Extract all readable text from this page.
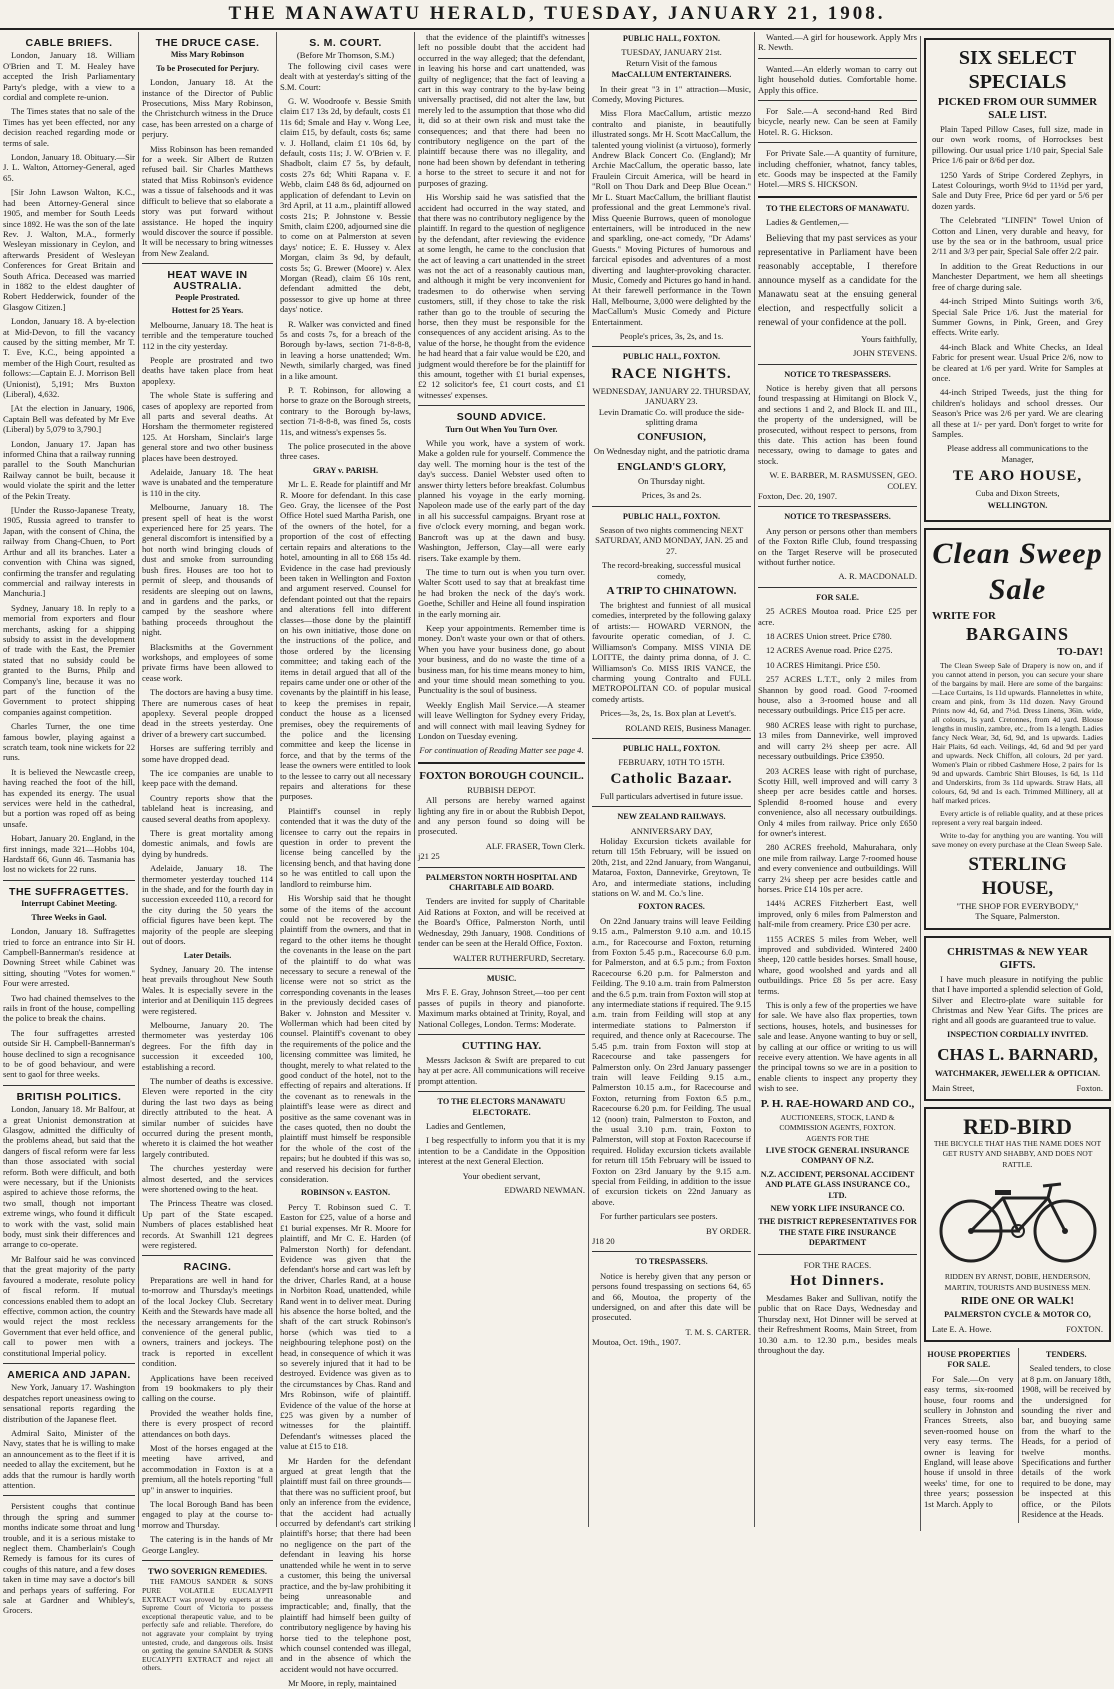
THE MANAWATU HERALD, TUESDAY, JANUARY 21, 1908.
CABLE BRIEFS.

London, January 18. William O'Brien and T. M. Healey have accepted the Irish Parliamentary Party's pledge, with a view to a cordial and complete re-union.

The Times states that no sale of the Times has yet been effected, nor any decision reached regarding mode or terms of sale.

London, January 18. Obituary.—Sir J. L. Walton, Attorney-General, aged 65.

[Sir John Lawson Walton, K.C., had been Attorney-General since 1905, and member for South Leeds since 1892. He was the son of the late Rev. J. Walton, M.A., formerly Wesleyan missionary in Ceylon, and afterwards President of Wesleyan Conferences for Great Britain and South Africa. Deceased was married in 1882 to the eldest daughter of Robert Hedderwick, founder of the Glasgow Citizen.]

London, January 18. A by-election at Mid-Devon, to fill the vacancy caused by the sitting member, Mr T. T. Eve, K.C., being appointed a member of the High Court, resulted as follows:—Captain E. J. Morrison Bell (Unionist), 5,191; Mrs Buxton (Liberal), 4,632.

[At the election in January, 1906, Captain Bell was defeated by Mr Eve (Liberal) by 5,079 to 3,790.]

London, January 17. Japan has informed China that a railway running parallel to the South Manchurian Railway cannot be built, because it would violate the spirit and the letter of the Pekin Treaty.

[Under the Russo-Japanese Treaty, 1905, Russia agreed to transfer to Japan, with the consent of China, the railway from Chang-Chuen, to Port Arthur and all its branches. Later a convention with China was signed, confirming the transfer and regulating commercial and railway interests in Manchuria.]

Sydney, January 18. In reply to a memorial from exporters and flour merchants, asking for a shipping subsidy to assist in the development of trade with the East, the Premier stated that no subsidy could be granted to the Burns, Philp and Company's line, because it was no part of the function of the Government to protect shipping companies against competition.

Charles Turner, the one time famous bowler, playing against a scratch team, took nine wickets for 22 runs.

It is believed the Newcastle creep, having reached the foot of the hill, has expended its energy. The usual services were held in the cathedral, but a portion was roped off as being unsafe.

Hobart, January 20. England, in the first innings, made 321—Hobbs 104, Hardstaff 66, Gunn 46. Tasmania has lost no wickets for 22 runs.

THE SUFFRAGETTES.
Interrupt Cabinet Meeting.
Three Weeks in Gaol.

London, January 18. Suffragettes tried to force an entrance into Sir H. Campbell-Bannerman's residence at Downing Street while Cabinet was sitting, shouting "Votes for women." Four were arrested.

Two had chained themselves to the rails in front of the house, compelling the police to break the chains.

The four suffragettes arrested outside Sir H. Campbell-Bannerman's house declined to sign a recognisance to be of good behaviour, and were sent to gaol for three weeks.

BRITISH POLITICS.

London, January 18. Mr Balfour, at a great Unionist demonstration at Glasgow, admitted the difficulty of the problems ahead, but said that the dangers of fiscal reform were far less than those associated with social reform. Both were difficult, and both were necessary, but if the Unionists aspired to achieve those reforms, the two small, though not important extreme wings, who found it difficult to work with the vast, solid main body, must sink their differences and arrange to co-operate.

Mr Balfour said he was convinced that the great majority of the party favoured a moderate, resolute policy of fiscal reform. If mutual concessions enabled them to adopt an effective, common action, the country would reject the most reckless Government that ever held office, and call to power men with a constitutional Imperial policy.

AMERICA AND JAPAN.

New York, January 17. Washington despatches report uneasiness owing to sensational reports regarding the distribution of the Japanese fleet.

Admiral Saito, Minister of the Navy, states that he is willing to make an announcement as to the fleet if it is needed to allay the excitement, but he adds that the rumour is hardly worth attention.

Persistent coughs that continue through the spring and summer months indicate some throat and lung trouble, and it is a serious mistake to neglect them. Chamberlain's Cough Remedy is famous for its cures of coughs of this nature, and a few doses taken in time may save a doctor's bill and perhaps years of suffering. For sale at Gardner and Whibley's, Grocers.

THE DRUCE CASE.
Miss Mary Robinson
To be Prosecuted for Perjury.

London, January 18. At the instance of the Director of Public Prosecutions, Miss Mary Robinson, the Christchurch witness in the Druce case, has been arrested on a charge of perjury.

Miss Robinson has been remanded for a week. Sir Albert de Rutzen refused bail. Sir Charles Matthews stated that Miss Robinson's evidence was a tissue of falsehoods and it was difficult to believe that so elaborate a story was put forward without assistance. He hoped the inquiry would discover the source if possible. It will be necessary to bring witnesses from New Zealand.

HEAT WAVE IN AUSTRALIA.
People Prostrated.
Hottest for 25 Years.

Melbourne, January 18. The heat is terrible and the temperature touched 112 in the city yesterday.

People are prostrated and two deaths have taken place from heat apoplexy.

The whole State is suffering and cases of apoplexy are reported from all parts and several deaths. At Horsham the thermometer registered 125. At Horsham, Sinclair's large general store and two other business places have been destroyed.

Adelaide, January 18. The heat wave is unabated and the temperature is 110 in the city.

Melbourne, January 18. The present spell of heat is the worst experienced here for 25 years. The general discomfort is intensified by a hot north wind bringing clouds of dust and smoke from surrounding bush fires. Houses are too hot to permit of sleep, and thousands of residents are sleeping out on lawns, and in gardens and the parks, or camped by the seashore where bathing proceeds throughout the night.

Blacksmiths at the Government workshops, and employees of some private firms have been allowed to cease work.

The doctors are having a busy time. There are numerous cases of heat apoplexy. Several people dropped dead in the streets yesterday. One driver of a brewery cart succumbed.

Horses are suffering terribly and some have dropped dead.

The ice companies are unable to keep pace with the demand.

Country reports show that the tableland heat is increasing, and caused several deaths from apoplexy.

There is great mortality among domestic animals, and fowls are dying by hundreds.

Adelaide, January 18. The thermometer yesterday touched 114 in the shade, and for the fourth day in succession exceeded 110, a record for the city during the 50 years the official figures have been kept. The majority of the people are sleeping out of doors.

Later Details.

Sydney, January 20. The intense heat prevails throughout New South Wales. It is especially severe in the interior and at Deniliquin 115 degrees were registered.

Melbourne, January 20. The thermometer was yesterday 106 degrees. For the fifth day in succession it exceeded 100, establishing a record.

The number of deaths is excessive. Eleven were reported in the city during the last two days as being directly attributed to the heat. A similar number of suicides have occurred during the present month, whereto it is claimed the hot weather largely contributed.

The churches yesterday were almost deserted, and the services were shortened owing to the heat.

The Princess Theatre was closed. Up part of the State escaped. Numbers of places established heat records. At Swanhill 121 degrees were registered.

RACING.

Preparations are well in hand for to-morrow and Thursday's meetings of the local Jockey Club. Secretary Keith and the Stewards have made all the necessary arrangements for the convenience of the general public, owners, trainers and jockeys. The track is reported in excellent condition.

Applications have been received from 19 bookmakers to ply their calling on the course.

Provided the weather holds fine, there is every prospect of record attendances on both days.

Most of the horses engaged at the meeting have arrived, and accommodation in Foxton is at a premium, all the hotels reporting "full up" in answer to inquiries.

The local Borough Band has been engaged to play at the course to-morrow and Thursday.

The catering is in the hands of Mr George Langley.

TWO SOVERIGN REMEDIES.

THE FAMOUS SANDER & SONS PURE VOLATILE EUCALYPTI EXTRACT was proved by experts at the Supreme Court of Victoria to possess exceptional therapeutic value, and to be perfectly safe and reliable. Therefore, do not aggravate your complaint by trying untested, crude, and dangerous oils. Insist on getting the genuine SANDER & SONS EUCALYPTI EXTRACT and reject all others.

S. M. COURT.
(Before Mr Thomson, S.M.)

The following civil cases were dealt with at yesterday's sitting of the S.M. Court:

G. W. Woodroofe v. Bessie Smith claim £17 13s 2d, by default, costs £1 11s 6d; Smale and Hay v. Wong Lee, claim £15, by default, costs 6s; same v. J. Holland, claim £1 10s 6d, by default, costs 11s; J. W. O'Brien v. F. Shadbolt, claim £7 5s, by default, costs 27s 6d; Whiti Rapana v. F. Webb, claim £48 8s 6d, adjourned on application of defendant to Levin on 3rd April, at 11 a.m., plaintiff allowed costs 21s; P. Johnstone v. Bessie Smith, claim £200, adjourned sine die to come on at Palmerston at seven days' notice; E. E. Hussey v. Alex Morgan, claim 3s 9d, by default, costs 5s; G. Brewer (Moore) v. Alex Morgan (Read), claim £6 10s rent, defendant admitted the debt, possessor to give up home at three days' notice.

R. Walker was convicted and fined 5s and costs 7s, for a breach of the Borough by-laws, section 71-8-8-8, in leaving a horse unattended; Wm. Newth, similarly charged, was fined in a like amount.

P. T. Robinson, for allowing a horse to graze on the Borough streets, contrary to the Borough by-laws, section 71-8-8-8, was fined 5s, costs 11s, and witness's expenses 5s.

The police prosecuted in the above three cases.

GRAY v. PARISH.

Mr L. E. Reade for plaintiff and Mr R. Moore for defendant. In this case Geo. Gray, the licensee of the Post Office Hotel sued Martha Parish, one of the owners of the hotel, for a proportion of the cost of effecting certain repairs and alterations to the hotel, amounting in all to £68 15s 4d. Evidence in the case had previously been taken in Wellington and Foxton and argument reserved. Counsel for defendant pointed out that the repairs and alterations fell into different classes—those done by the plaintiff on his own initiative, those done on the instructions of the police, and those ordered by the licensing committee; and taking each of the items in detail argued that all of the repairs came under one or other of the covenants by the plaintiff in his lease, to keep the premises in repair, conduct the house as a licensed premises, obey the requirements of the police and the licensing committee and keep the license in force, and that by the terms of the lease the owners were entitled to look to the lessee to carry out all necessary repairs and alterations for these purposes.

Plaintiff's counsel in reply contended that it was the duty of the licensee to carry out the repairs in question in order to prevent the license being cancelled by the licensing bench, and that having done so he was entitled to call upon the landlord to reimburse him.

His Worship said that he thought some of the items of the account could not be recovered by the plaintiff from the owners, and that in regard to the other items he thought the covenants in the lease on the part of the plaintiff to do what was necessary to secure a renewal of the license were not so strict as the corresponding covenants in the leases in the previously decided cases of Baker v. Johnston and Messiter v. Wollerman which had been cited by counsel. Plaintiff's covenant to obey the requirements of the police and the licensing committee was limited, he thought, merely to what related to the good conduct of the hotel, not to the effecting of repairs and alterations. If the covenant as to renewals in the plaintiff's lease were as direct and positive as the same covenant was in the cases quoted, then no doubt the plaintiff must himself be responsible for the whole of the cost of the repairs; but he doubted if this was so, and reserved his decision for further consideration.

ROBINSON v. EASTON.

Percy T. Robinson sued C. T. Easton for £25, value of a horse and £1 burial expenses. Mr R. Moore for plaintiff, and Mr C. E. Harden (of Palmerston North) for defendant. Evidence was given that the defendant's horse and cart was left by the driver, Charles Rand, at a house in Norbiton Road, unattended, while Rand went in to deliver meat. During his absence the horse bolted, and the shaft of the cart struck Robinson's horse (which was tied to a neighbouring telephone post) on the head, in consequence of which it was so severely injured that it had to be destroyed. Evidence was given as to the circumstances by Chas. Rand and Mrs Robinson, wife of plaintiff. Evidence of the value of the horse at £25 was given by a number of witnesses for the plaintiff. Defendant's witnesses placed the value at £15 to £18.

Mr Harden for the defendant argued at great length that the plaintiff must fail on three grounds—that there was no sufficient proof, but only an inference from the evidence, that the accident had actually occurred by defendant's cart striking plaintiff's horse; that there had been no negligence on the part of the defendant in leaving his horse unattended while he went in to serve a customer, this being the universal practice, and the by-law prohibiting it being unreasonable and impracticable; and, finally, that the plaintiff had himself been guilty of contributory negligence by having his horse tied to the telephone post, which counsel contended was illegal, and in the absence of which the accident would not have occurred.

Mr Moore, in reply, maintained

that the evidence of the plaintiff's witnesses left no possible doubt that the accident had occurred in the way alleged; that the defendant, in leaving his horse and cart unattended, was guilty of negligence; that the fact of leaving a cart in this way contrary to the by-law being universally practised, did not alter the law, but merely led to the assumption that those who did it, did so at their own risk and must take the consequences; and that there had been no contributory negligence on the part of the plaintiff because there was no illegality, and none had been shown by defendant in tethering a horse to the street to secure it and not for purposes of grazing.

His Worship said he was satisfied that the accident had occurred in the way stated, and that there was no contributory negligence by the plaintiff. In regard to the question of negligence by the defendant, after reviewing the evidence at some length, he came to the conclusion that the act of leaving a cart unattended in the street was not the act of a reasonably cautious man, and although it might be very inconvenient for tradesmen to do otherwise when serving customers, still, if they chose to take the risk rather than go to the trouble of securing the horse, then they must be responsible for the consequences of any accident arising. As to the value of the horse, he thought from the evidence he had heard that a fair value would be £20, and judgment would therefore be for the plaintiff for this amount, together with £1 burial expenses, £2 12 solicitor's fee, £1 court costs, and £1 witnesses' expenses.

SOUND ADVICE.
Turn Out When You Turn Over.

While you work, have a system of work. Make a golden rule for yourself. Commence the day well. The morning hour is the test of the day's success. Daniel Webster used often to answer thirty letters before breakfast. Columbus planned his voyage in the early morning. Napoleon made use of the early part of the day in all his successful campaigns. Bryant rose at five o'clock every morning, and began work. Bancroft was up at the dawn and busy. Washington, Jefferson, Clay—all were early risers. Take example by them.

The time to turn out is when you turn over. Walter Scott used to say that at breakfast time he had broken the neck of the day's work. Goethe, Schiller and Heine all found inspiration in the early morning air.

Keep your appointments. Remember time is money. Don't waste your own or that of others. When you have your business done, go about your business, and do no waste the time of a business man, for his time means money to him, and your time should mean something to you. Punctuality is the soul of business.

Weekly English Mail Service.—A steamer will leave Wellington for Sydney every Friday, and will connect with mail leaving Sydney for London on Tuesday evening.

For continuation of Reading Matter see page 4.
FOXTON BOROUGH COUNCIL.
RUBBISH DEPOT.

All persons are hereby warned against lighting any fire in or about the Rubbish Depot, and any person found so doing will be prosecuted.

ALF. FRASER, Town Clerk.
j21 25
PALMERSTON NORTH HOSPITAL AND CHARITABLE AID BOARD.

Tenders are invited for supply of Charitable Aid Rations at Foxton, and will be received at the Board's Office, Palmerston North, until Wednesday, 29th January, 1908. Conditions of tender can be seen at the Herald Office, Foxton.

WALTER RUTHERFURD, Secretary.
MUSIC.

Mrs F. E. Gray, Johnson Street,—too per cent passes of pupils in theory and pianoforte. Maximum marks obtained at Trinity, Royal, and National Colleges, London. Terms: Moderate.

CUTTING HAY.

Messrs Jackson & Swift are prepared to cut hay at per acre. All communications will receive prompt attention.

TO THE ELECTORS MANAWATU ELECTORATE.

Ladies and Gentlemen,

I beg respectfully to inform you that it is my intention to be a Candidate in the Opposition interest at the next General Election.

Your obedient servant,

EDWARD NEWMAN.
PUBLIC HALL, FOXTON.
TUESDAY, JANUARY 21st.
Return Visit of the famous
MacCALLUM ENTERTAINERS.

In their great "3 in 1" attraction—Music, Comedy, Moving Pictures.

Miss Flora MacCallum, artistic mezzo contralto and pianiste, in beautifully illustrated songs. Mr H. Scott MacCallum, the talented young violinist (a virtuoso), formerly Andrew Black Concert Co. (England); Mr Archie MacCallum, the operatic basso, late Fraulein Circuit America, will be heard in "Roll on Thou Dark and Deep Blue Ocean." Mr L. Stuart MacCallum, the brilliant flautist professional and the great Lemmone's rival. Miss Queenie Burrows, queen of monologue entertainers, will be introduced in the new and sparkling, one-act comedy, "Dr Adams' Guests." Moving Pictures of humorous and farcical episodes and adventures of a most diverting and laughter-provoking character. Music, Comedy and Pictures go hand in hand. At their farewell performance in the Town Hall, Melbourne, 3,000 were delighted by the MacCallum's Music Comedy and Picture Entertainment.

People's prices, 3s, 2s, and 1s.

PUBLIC HALL, FOXTON.
RACE NIGHTS.
WEDNESDAY, JANUARY 22. THURSDAY, JANUARY 23.

Levin Dramatic Co. will produce the side-splitting drama

CONFUSION,

On Wednesday night, and the patriotic drama

ENGLAND'S GLORY,

On Thursday night.

Prices, 3s and 2s.

PUBLIC HALL, FOXTON.

Season of two nights commencing NEXT SATURDAY, AND MONDAY, JAN. 25 and 27.

The record-breaking, successful musical comedy,

A TRIP TO CHINATOWN.

The brightest and funniest of all musical comedies, interpreted by the following galaxy of artists:— HOWARD VERNON, the favourite operatic comedian, of J. C. Williamson's Company. MISS VINIA DE LOITTE, the dainty prima donna, of J. C. Williamson's Co. MISS IRIS VANCE, the charming young Contralto and FULL METROPOLITAN CO. of popular musical comedy artists.

Prices—3s, 2s, 1s. Box plan at Levett's.

ROLAND REIS, Business Manager.
PUBLIC HALL, FOXTON.
FEBRUARY, 10TH TO 15TH.
Catholic Bazaar.

Full particulars advertised in future issue.

NEW ZEALAND RAILWAYS.
ANNIVERSARY DAY,

Holiday Excursion tickets available for return till 15th February, will be issued on 20th, 21st, and 22nd January, from Wanganui, Mataroa, Foxton, Dannevirke, Greytown, Te Aro, and intermediate stations, including stations on W. and M. Co.'s line.

FOXTON RACES.

On 22nd January trains will leave Feilding 9.15 a.m., Palmerston 9.10 a.m. and 10.15 a.m., for Racecourse and Foxton, returning from Foxton 5.45 p.m., Racecourse 6.0 p.m. for Palmerston, and at 6.5 p.m.; from Foxton Racecourse 6.20 p.m. for Palmerston and Feilding. The 9.10 a.m. train from Palmerston and the 6.5 p.m. train from Foxton will stop at any intermediate stations if required. The 9.15 a.m. train from Feilding will stop at any intermediate stations to Palmerston if required, and thence only at Racecourse. The 5.45 p.m. train from Foxton will stop at Racecourse and take passengers for Palmerston only. On 23rd January passenger train will leave Feilding 9.15 a.m., Palmerston 10.15 a.m., for Racecourse and Foxton, returning from Foxton 6.5 p.m., Racecourse 6.20 p.m. for Feilding. The usual 12 (noon) train, Palmerston to Foxton, and the usual 3.10 p.m. train, Foxton to Palmerston, will stop at Foxton Racecourse if required. Holiday excursion tickets available for return till 15th February will be issued to Foxton on 23rd January by the 9.15 a.m. special from Feilding, in addition to the issue of excursion tickets on 22nd January as above.

For further particulars see posters.

BY ORDER.
J18 20
TO TRESPASSERS.

Notice is hereby given that any person or persons found trespassing on sections 64, 65 and 66, Moutoa, the property of the undersigned, on and after this date will be prosecuted.

T. M. S. CARTER.
Moutoa, Oct. 19th., 1907.

Wanted.—A girl for housework. Apply Mrs R. Newth.

Wanted.—An elderly woman to carry out light household duties. Comfortable home. Apply this office.

For Sale.—A second-hand Red Bird bicycle, nearly new. Can be seen at Family Hotel. R. G. Hickson.

For Private Sale.—A quantity of furniture, including cheffonier, whatnot, fancy tables, etc. Goods may be inspected at the Family Hotel.—MRS S. HICKSON.

TO THE ELECTORS OF MANAWATU.

Ladies & Gentlemen,—

Believing that my past services as your representative in Parliament have been reasonably acceptable, I therefore announce myself as a candidate for the Manawatu seat at the ensuing general election, and respectfully solicit a renewal of your confidence at the poll.

Yours faithfully,

JOHN STEVENS.
NOTICE TO TRESPASSERS.

Notice is hereby given that all persons found trespassing at Himitangi on Block V., and sections 1 and 2, and Block II. and III., the property of the undersigned, will be prosecuted, without respect to persons, from this date. This action has been found necessary, owing to damage to gates and stock.

W. E. BARBER, M. RASMUSSEN, GEO. COLEY.
Foxton, Dec. 20, 1907.
NOTICE TO TRESPASSERS.

Any person or persons other than members of the Foxton Rifle Club, found trespassing on the Target Reserve will be prosecuted without further notice.

A. R. MACDONALD.
FOR SALE.

25 ACRES Moutoa road. Price £25 per acre.

18 ACRES Union street. Price £780.

12 ACRES Avenue road. Price £275.

10 ACRES Himitangi. Price £50.

257 ACRES L.T.T., only 2 miles from Shannon by good road. Good 7-roomed house, also a 3-roomed house and all necessary outbuildings. Price £15 per acre.

980 ACRES lease with right to purchase, 13 miles from Dannevirke, well improved and will carry 2½ sheep per acre. All necessary outbuildings. Price £3950.

203 ACRES lease with right of purchase, Scotty Hill, well improved and will carry 3 sheep per acre besides cattle and horses. Splendid 8-roomed house and every convenience, also all necessary outbuildings. Only 4 miles from railway. Price only £650 for owner's interest.

280 ACRES freehold, Mahurahara, only one mile from railway. Large 7-roomed house and every convenience and outbuildings. Will carry 2¼ sheep per acre besides cattle and horses. Price £14 10s per acre.

144¼ ACRES Fitzherbert East, well improved, only 6 miles from Palmerston and half-mile from creamery. Price £30 per acre.

1155 ACRES 5 miles from Weber, well improved and subdivided. Wintered 2400 sheep, 120 cattle besides horses. Small house, whare, good woolshed and yards and all outbuildings. Price £8 5s per acre. Easy terms.

This is only a few of the properties we have for sale. We have also flax properties, town sections, houses, hotels, and businesses for sale and lease. Anyone wanting to buy or sell, by calling at our office or writing to us will receive every attention. We have agents in all the principal towns so we are in a position to enable clients to inspect any property they wish to see.

P. H. RAE-HOWARD AND CO.,
AUCTIONEERS, STOCK, LAND & COMMISSION AGENTS, FOXTON.
AGENTS FOR THE
LIVE STOCK GENERAL INSURANCE COMPANY OF N.Z.
N.Z. ACCIDENT, PERSONAL ACCIDENT AND PLATE GLASS INSURANCE CO., LTD.
NEW YORK LIFE INSURANCE CO.
THE DISTRICT REPRESENTATIVES FOR THE STATE FIRE INSURANCE DEPARTMENT
FOR THE RACES.
Hot Dinners.

Mesdames Baker and Sullivan, notify the public that on Race Days, Wednesday and Thursday next, Hot Dinner will be served at their Refreshment Rooms, Main Street, from 10.30 a.m. to 12.30 p.m., besides meals throughout the day.

SIX SELECT SPECIALS
PICKED FROM OUR SUMMER SALE LIST.

Plain Taped Pillow Cases, full size, made in our own work rooms, of Horrockses best pillowing. Our usual price 1/10 pair, Special Sale Price 1/6 pair or 8/6d per doz.

1250 Yards of Stripe Cordered Zephyrs, in Latest Colourings, worth 9½d to 11½d per yard, Sale and Duty Free, Price 6d per yard or 5/6 per dozen yards.

The Celebrated "LINFIN" Towel Union of Cotton and Linen, very durable and heavy, for use by the sea or in the bathroom, usual price 2/11 and 3/3 per pair, Special Sale offer 2/2 pair.

In addition to the Great Reductions in our Manchester Department, we hem all sheetings free of charge during sale.

44-inch Striped Minto Suitings worth 3/6, Special Sale Price 1/6. Just the material for Summer Gowns, in Pink, Green, and Grey effects. Write early.

44-inch Black and White Checks, an Ideal Fabric for present wear. Usual Price 2/6, now to be cleared at 1/6 per yard. Write for Samples at once.

44-inch Striped Tweeds, just the thing for children's holidays and school dresses. Our Season's Price was 2/6 per yard. We are clearing all these at 1/- per yard. Don't forget to write for Samples.

Please address all communications to the Manager,

TE ARO HOUSE,
Cuba and Dixon Streets,
WELLINGTON.
Clean Sweep Sale
WRITE FOR
BARGAINS
TO-DAY!

The Clean Sweep Sale of Drapery is now on, and if you cannot attend in person, you can secure your share of the bargains by mail. Here are some of the bargains:—Lace Curtains, 1s 11d upwards. Flannelettes in white, cream and pink, from 3s 11d dozen. Navy Ground Prints now 4d, 6d, and 7½d. Dress Linens, 36in. wide, all colours, 1s yard. Cretonnes, from 4d yard. Blouse lengths in muslin, zambre, etc., from 1s a length. Ladies fancy Neck Wear, 3d, 6d, 9d, and 1s upwards. Ladies Hair Plaits, 6d each. Veilings, 4d, 6d and 9d per yard and upwards. Neck Chiffon, all colours, 2d per yard. Women's Plain or ribbed Cashmere Hose, 2 pairs for 1s 9d and upwards. Cambric Shirt Blouses, 1s 6d, 1s 11d and Underskirts, from 3s 11d upwards. Straw Hats, all colours, 6d, 9d and 1s each. Trimmed Millinery, all at half marked prices.

Every article is of reliable quality, and at these prices represent a very real bargain indeed.

Write to-day for anything you are wanting. You will save money on every purchase at the Clean Sweep Sale.

STERLING HOUSE,
"THE SHOP FOR EVERYBODY,"
The Square, Palmerston.
CHRISTMAS & NEW YEAR GIFTS.

I have much pleasure in notifying the public that I have imported a splendid selection of Gold, Silver and Electro-plate ware suitable for Christmas and New Year Gifts. The prices are right and all goods are guaranteed true to value.

INSPECTION CORDIALLY INVITED.
CHAS L. BARNARD,
WATCHMAKER, JEWELLER & OPTICIAN.
Main Street,	Foxton.
RED-BIRD
THE BICYCLE THAT HAS THE NAME DOES NOT GET RUSTY AND SHABBY, AND DOES NOT RATTLE.
RIDDEN BY ARNST, DOBIE, HENDERSON, MARTIN, TOURISTS AND BUSINESS MEN.
RIDE ONE OR WALK!
PALMERSTON CYCLE & MOTOR CO,
Late E. A. Howe.	FOXTON.
HOUSE PROPERTIES FOR SALE.

For Sale.—On very easy terms, six-roomed house, four rooms and scullery in Johnston and Frances Streets, also seven-roomed house on very easy terms. The owner is leaving for England, will lease above house if unsold in three weeks' time, for one to three years; possession 1st March. Apply to

TENDERS.

Sealed tenders, to close at 8 p.m. on January 18th, 1908, will be received by the undersigned for sounding the river and bar, and buoying same from the wharf to the Heads, for a period of twelve months. Specifications and further details of the work required to be done, may be inspected at this office, or the Pilots Residence at the Heads.
